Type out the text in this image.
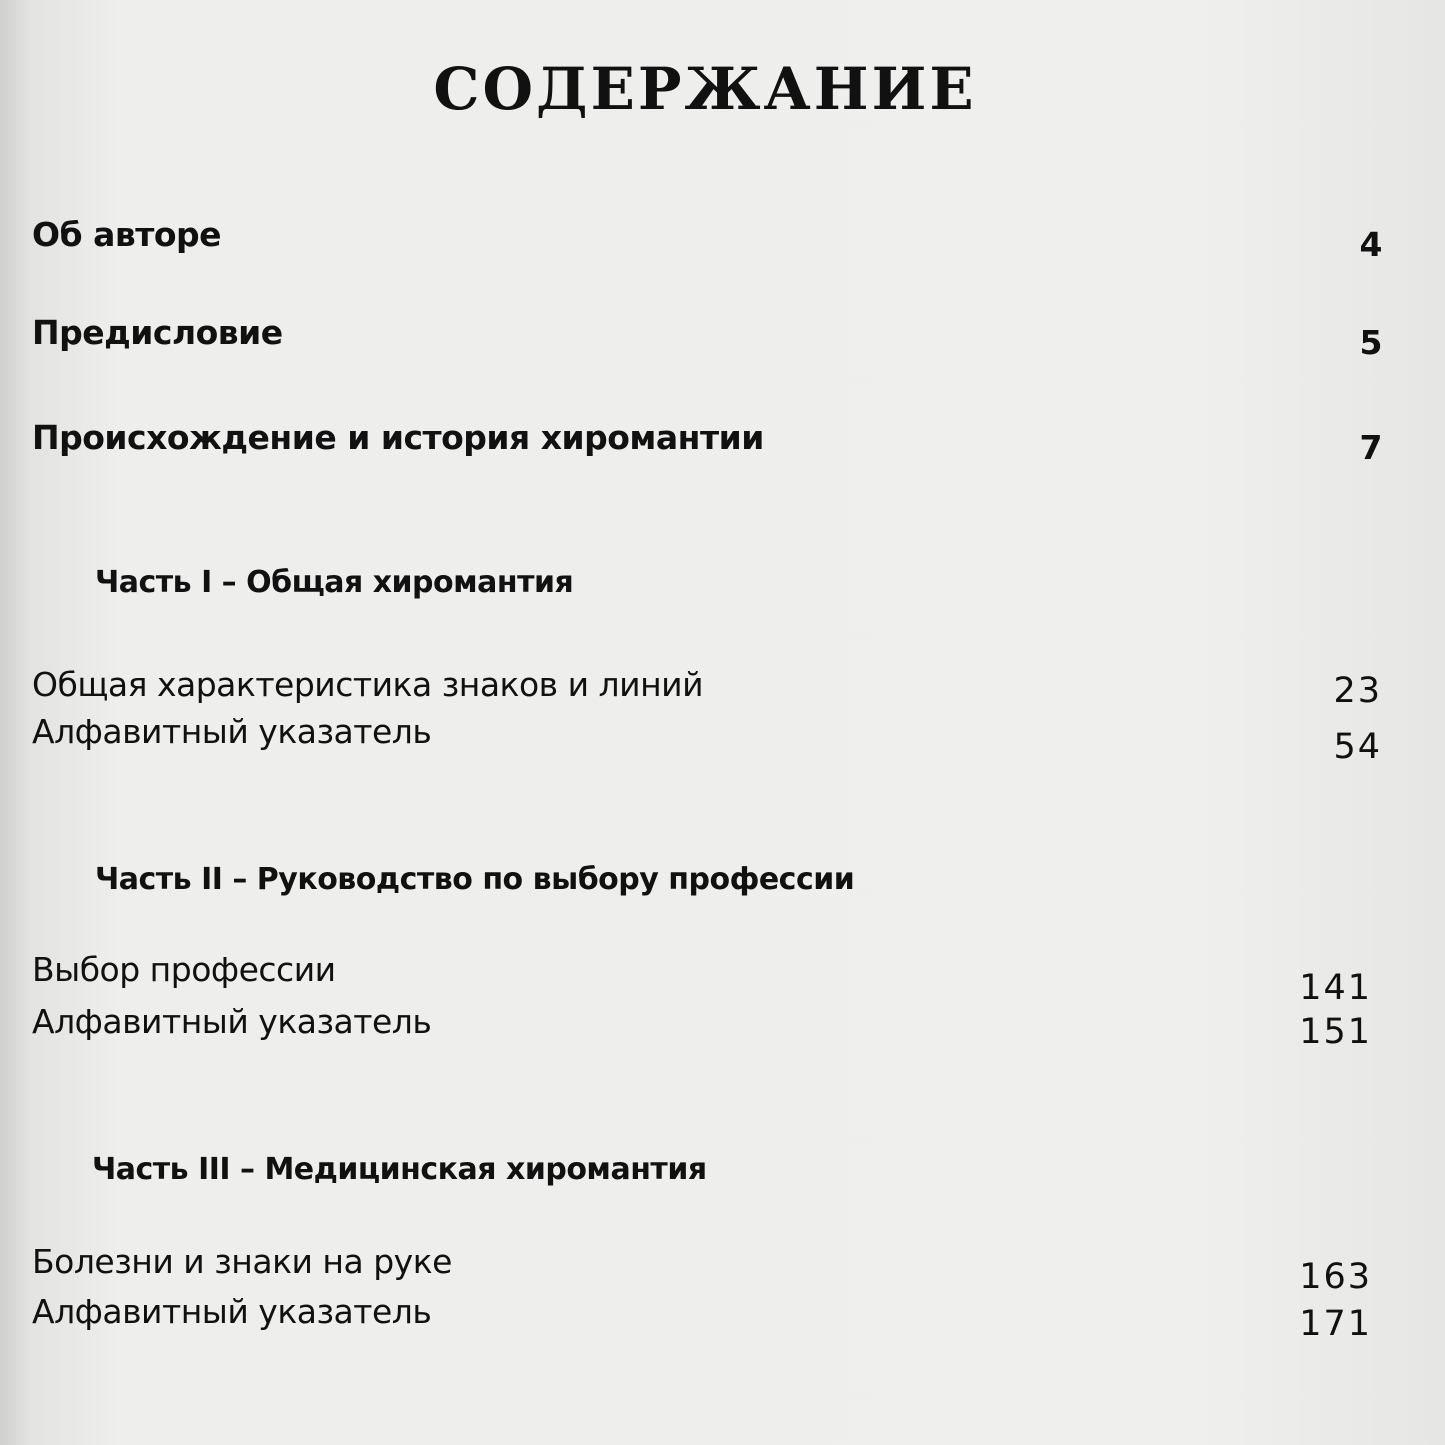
СОДЕРЖАНИЕ
Об авторе	4
Предисловие	5
Происхождение и история хиромантии	7
Часть I – Общая хиромантия
Общая характеристика знаков и линий	23
Алфавитный указатель	54
Часть II – Руководство по выбору профессии
Выбор профессии	141
Алфавитный указатель	151
Часть III – Медицинская хиромантия
Болезни и знаки на руке	163
Алфавитный указатель	171
